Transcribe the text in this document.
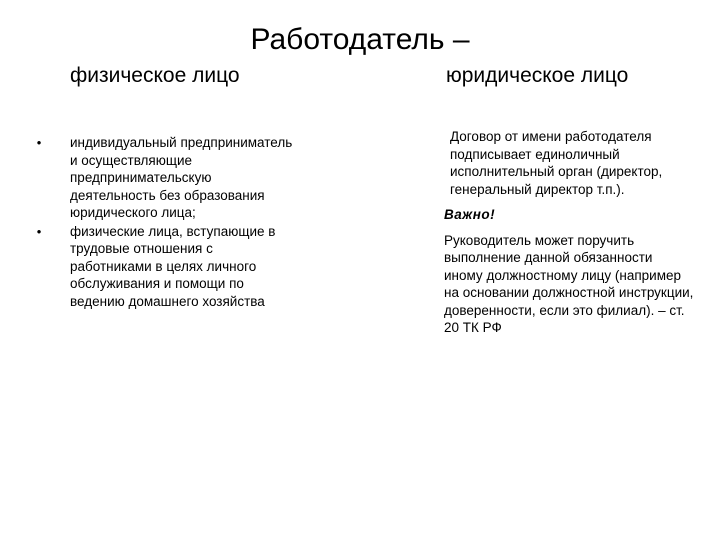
Работодатель –
физическое лицо	юридическое лицо
• индивидуальный предприниматель и осуществляющие предпринимательскую деятельность без образования юридического лица;
• физические лица, вступающие в трудовые отношения с работниками в целях личного обслуживания и помощи по ведению домашнего хозяйства

Договор от имени работодателя подписывает единоличный исполнительный орган (директор, генеральный директор т.п.).

Важно!

Руководитель может поручить выполнение данной обязанности иному должностному лицу (например на основании должностной инструкции, доверенности, если это филиал). – ст. 20 ТК РФ
